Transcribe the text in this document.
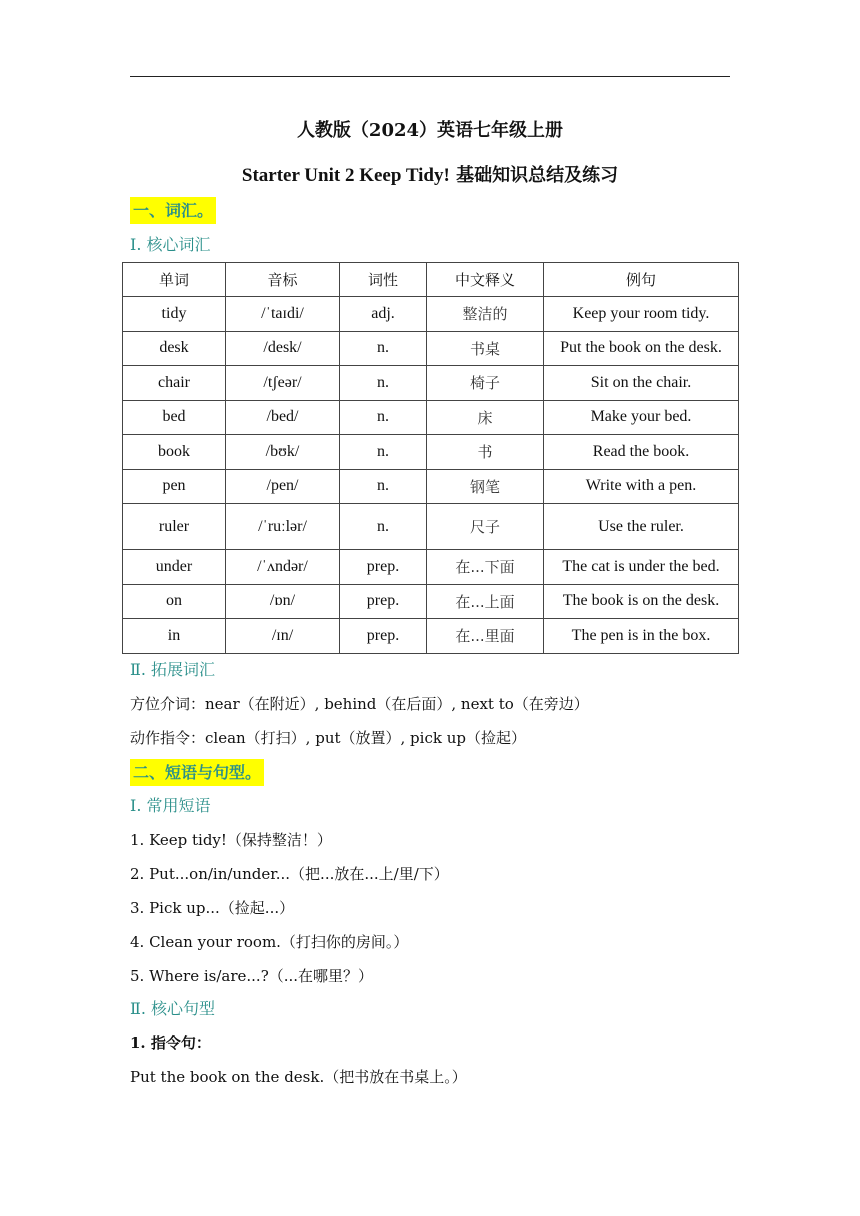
人教版（2024）英语七年级上册
Starter Unit 2 Keep Tidy! 基础知识总结及练习
一、词汇。
Ⅰ. 核心词汇
单词	音标	词性	中文释义	例句
tidy	/ˈtaɪdi/	adj.	整洁的	Keep your room tidy.
desk	/desk/	n.	书桌	Put the book on the desk.
chair	/tʃeər/	n.	椅子	Sit on the chair.
bed	/bed/	n.	床	Make your bed.
book	/bʊk/	n.	书	Read the book.
pen	/pen/	n.	钢笔	Write with a pen.
ruler	/ˈruːlər/	n.	尺子	Use the ruler.
under	/ˈʌndər/	prep.	在...下面	The cat is under the bed.
on	/ɒn/	prep.	在...上面	The book is on the desk.
in	/ɪn/	prep.	在...里面	The pen is in the box.
Ⅱ. 拓展词汇
方位介词：near（在附近）, behind（在后面）, next to（在旁边）
动作指令：clean（打扫）, put（放置）, pick up（捡起）
二、短语与句型。
Ⅰ. 常用短语
1. Keep tidy!（保持整洁！）
2. Put...on/in/under...（把...放在...上/里/下）
3. Pick up...（捡起...）
4. Clean your room.（打扫你的房间。）
5. Where is/are...?（...在哪里？）
Ⅱ. 核心句型
1. 指令句：
Put the book on the desk.（把书放在书桌上。）
